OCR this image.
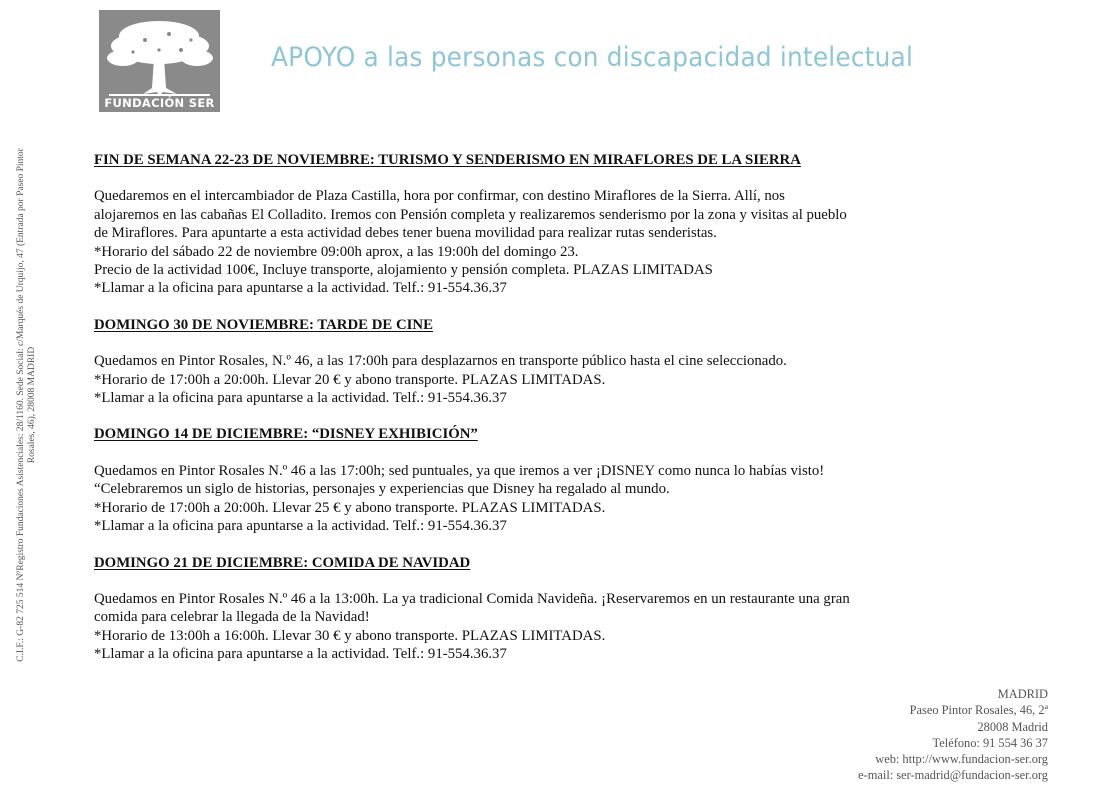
FUNDACIÓN SER
APOYO a las personas con discapacidad intelectual
C.I.F.: G-82 725 514 NºRegistro Fundaciones Asistenciales: 28/1160. Sede Social: c/Marqués de Urquijo, 47 (Entrada por Paseo Pintor Rosales, 46), 28008 MADRID
FIN DE SEMANA 22-23 DE NOVIEMBRE: TURISMO Y SENDERISMO EN MIRAFLORES DE LA SIERRA

Quedaremos en el intercambiador de Plaza Castilla, hora por confirmar, con destino Miraflores de la Sierra. Allí, nos

alojaremos en las cabañas El Colladito. Iremos con Pensión completa y realizaremos senderismo por la zona y visitas al pueblo

de Miraflores. Para apuntarte a esta actividad debes tener buena movilidad para realizar rutas senderistas.

*Horario del sábado 22 de noviembre 09:00h aprox, a las 19:00h del domingo 23.

Precio de la actividad 100€, Incluye transporte, alojamiento y pensión completa. PLAZAS LIMITADAS

*Llamar a la oficina para apuntarse a la actividad. Telf.: 91-554.36.37

DOMINGO 30 DE NOVIEMBRE: TARDE DE CINE

Quedamos en Pintor Rosales, N.º 46, a las 17:00h para desplazarnos en transporte público hasta el cine seleccionado.

*Horario de 17:00h a 20:00h. Llevar 20 € y abono transporte. PLAZAS LIMITADAS.

*Llamar a la oficina para apuntarse a la actividad. Telf.: 91-554.36.37

DOMINGO 14 DE DICIEMBRE: “DISNEY EXHIBICIÓN”

Quedamos en Pintor Rosales N.º 46 a las 17:00h; sed puntuales, ya que iremos a ver ¡DISNEY como nunca lo habías visto!

“Celebraremos un siglo de historias, personajes y experiencias que Disney ha regalado al mundo.

*Horario de 17:00h a 20:00h. Llevar 25 € y abono transporte. PLAZAS LIMITADAS.

*Llamar a la oficina para apuntarse a la actividad. Telf.: 91-554.36.37

DOMINGO 21 DE DICIEMBRE: COMIDA DE NAVIDAD

Quedamos en Pintor Rosales N.º 46 a la 13:00h. La ya tradicional Comida Navideña. ¡Reservaremos en un restaurante una gran

comida para celebrar la llegada de la Navidad!

*Horario de 13:00h a 16:00h. Llevar 30 € y abono transporte. PLAZAS LIMITADAS.

*Llamar a la oficina para apuntarse a la actividad. Telf.: 91-554.36.37

MADRID
Paseo Pintor Rosales, 46, 2ª
28008 Madrid
Teléfono: 91 554 36 37
web: http://www.fundacion-ser.org
e-mail: ser-madrid@fundacion-ser.org
